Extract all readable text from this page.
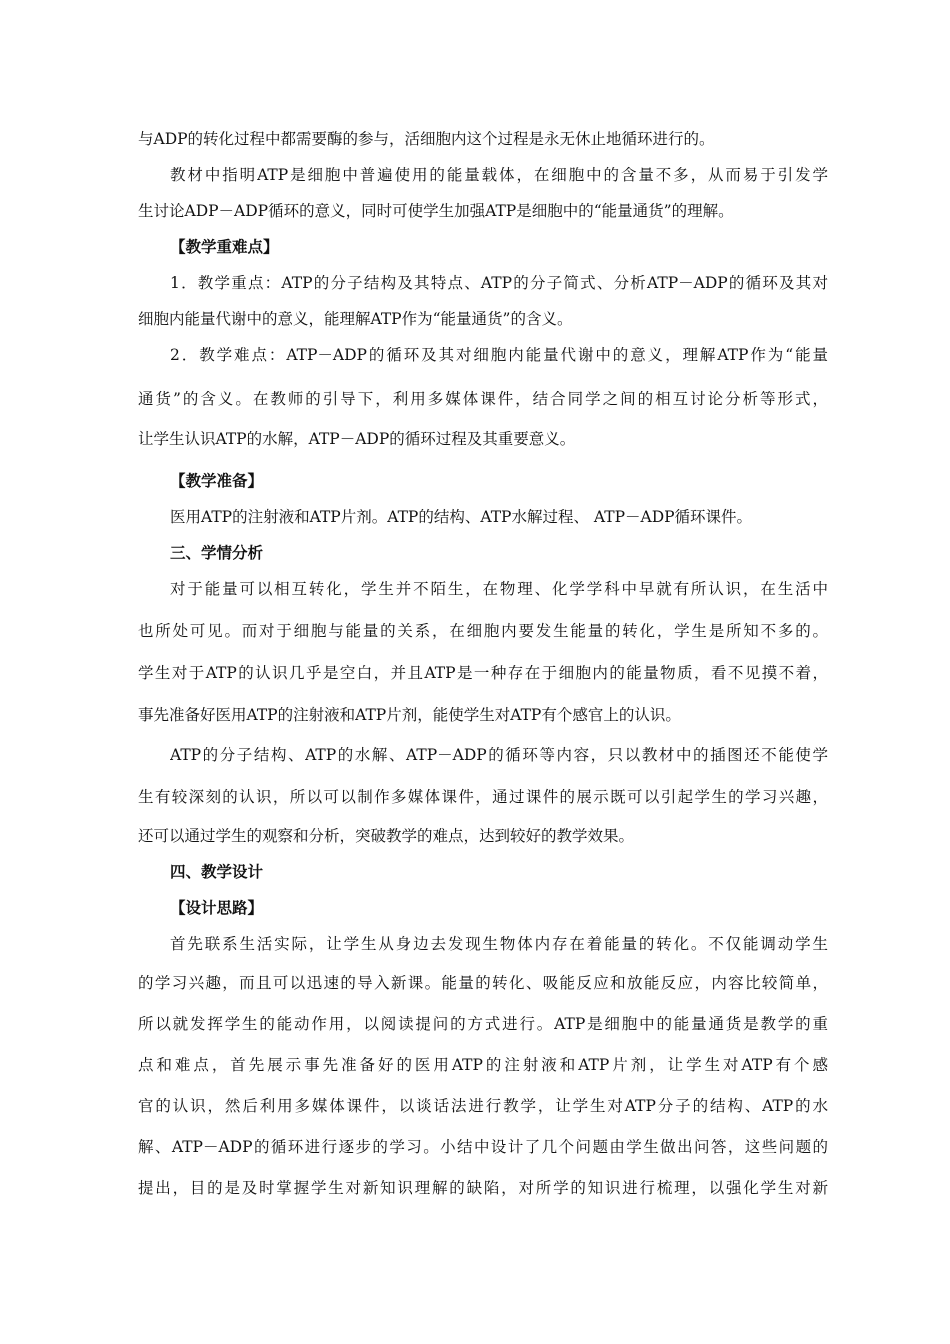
与ADP的转化过程中都需要酶的参与，活细胞内这个过程是永无休止地循环进行的。
教材中指明ATP是细胞中普遍使用的能量载体，在细胞中的含量不多，从而易于引发学
生讨论ADP－ADP循环的意义，同时可使学生加强ATP是细胞中的“能量通货”的理解。
【教学重难点】
1．教学重点：ATP的分子结构及其特点、ATP的分子简式、分析ATP－ADP的循环及其对
细胞内能量代谢中的意义，能理解ATP作为“能量通货”的含义。
2．教学难点：ATP－ADP的循环及其对细胞内能量代谢中的意义，理解ATP作为“能量
通货”的含义。在教师的引导下，利用多媒体课件，结合同学之间的相互讨论分析等形式，
让学生认识ATP的水解，ATP－ADP的循环过程及其重要意义。
【教学准备】
医用ATP的注射液和ATP片剂。ATP的结构、ATP水解过程、 ATP－ADP循环课件。
三、学情分析
对于能量可以相互转化，学生并不陌生，在物理、化学学科中早就有所认识，在生活中
也所处可见。而对于细胞与能量的关系，在细胞内要发生能量的转化，学生是所知不多的。
学生对于ATP的认识几乎是空白，并且ATP是一种存在于细胞内的能量物质，看不见摸不着，
事先准备好医用ATP的注射液和ATP片剂，能使学生对ATP有个感官上的认识。
ATP的分子结构、ATP的水解、ATP－ADP的循环等内容，只以教材中的插图还不能使学
生有较深刻的认识，所以可以制作多媒体课件，通过课件的展示既可以引起学生的学习兴趣，
还可以通过学生的观察和分析，突破教学的难点，达到较好的教学效果。
四、教学设计
【设计思路】
首先联系生活实际，让学生从身边去发现生物体内存在着能量的转化。不仅能调动学生
的学习兴趣，而且可以迅速的导入新课。能量的转化、吸能反应和放能反应，内容比较简单，
所以就发挥学生的能动作用，以阅读提问的方式进行。ATP是细胞中的能量通货是教学的重
点和难点，首先展示事先准备好的医用ATP的注射液和ATP片剂，让学生对ATP有个感
官的认识，然后利用多媒体课件，以谈话法进行教学，让学生对ATP分子的结构、ATP的水
解、ATP－ADP的循环进行逐步的学习。小结中设计了几个问题由学生做出问答，这些问题的
提出，目的是及时掌握学生对新知识理解的缺陷，对所学的知识进行梳理，以强化学生对新
